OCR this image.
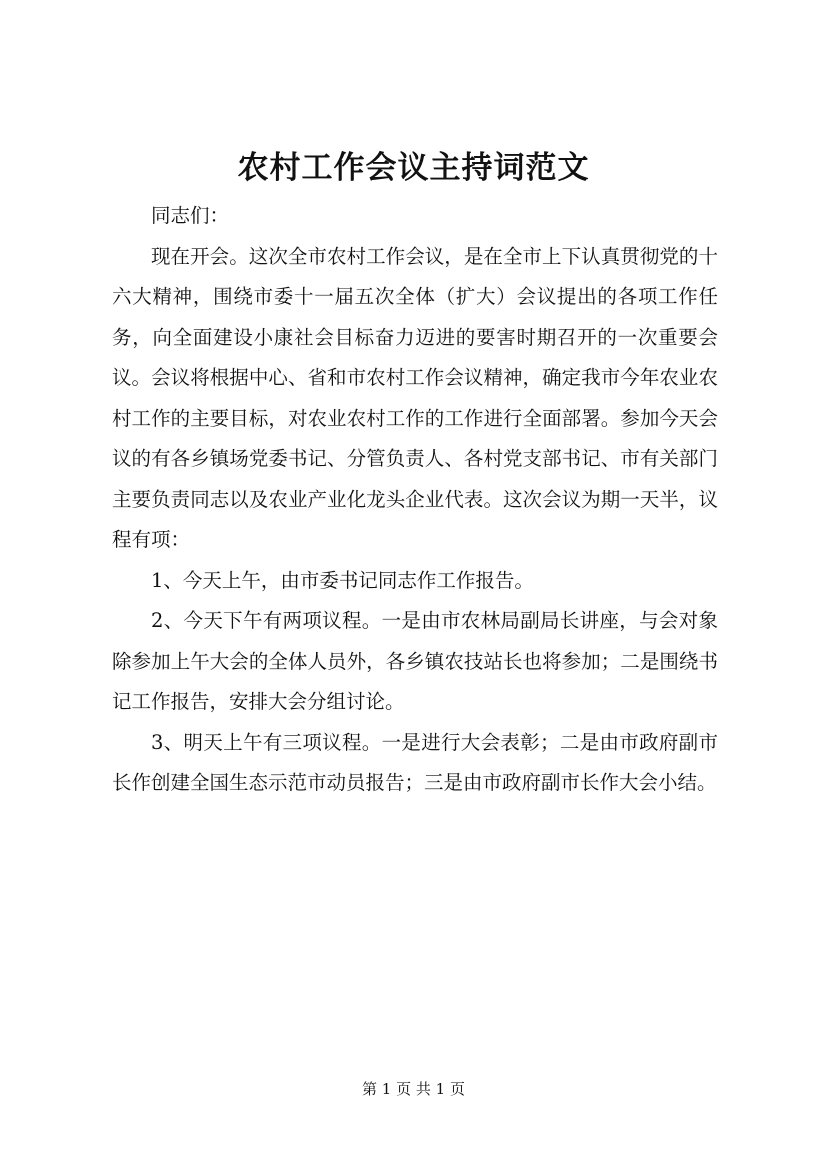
农村工作会议主持词范文

同志们：

现在开会。这次全市农村工作会议，是在全市上下认真贯彻党的十六大精神，围绕市委十一届五次全体（扩大）会议提出的各项工作任务，向全面建设小康社会目标奋力迈进的要害时期召开的一次重要会议。会议将根据中心、省和市农村工作会议精神，确定我市今年农业农村工作的主要目标，对农业农村工作的工作进行全面部署。参加今天会议的有各乡镇场党委书记、分管负责人、各村党支部书记、市有关部门主要负责同志以及农业产业化龙头企业代表。这次会议为期一天半，议程有项：

1、今天上午，由市委书记同志作工作报告。

2、今天下午有两项议程。一是由市农林局副局长讲座，与会对象除参加上午大会的全体人员外，各乡镇农技站长也将参加；二是围绕书记工作报告，安排大会分组讨论。

3、明天上午有三项议程。一是进行大会表彰；二是由市政府副市长作创建全国生态示范市动员报告；三是由市政府副市长作大会小结。

第 1 页 共 1 页
